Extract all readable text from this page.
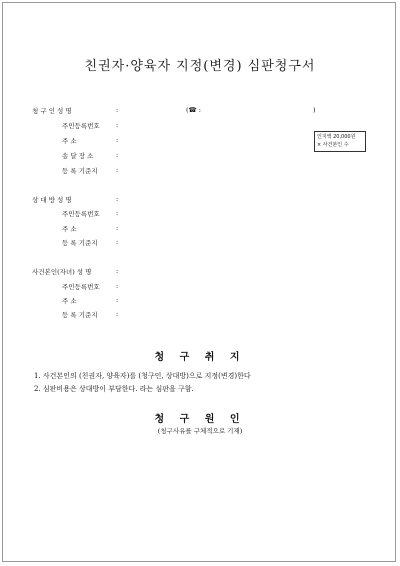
친권자·양육자 지정(변경) 심판청구서
청 구 인 성 명	:	(☎ :	)
주민등록번호	:
주 소	:
송 달 장 소	:
등 록 기준지	:
인지액 20,000원
× 사건본인 수
상 대 방 성 명	:
주민등록번호	:
주 소	:
등 록 기준지	:
사건본인(자녀) 성 명	:
주민등록번호	:
주 소	:
등 록 기준지	:
청 구 취 지
1. 사건본인의 (친권자, 양육자)를 (청구인, 상대방)으로 지정(변경)한다
2. 심판비용은 상대방이 부담한다. 라는 심판을 구함.
청 구 원 인
(청구사유를 구체적으로 기재)
